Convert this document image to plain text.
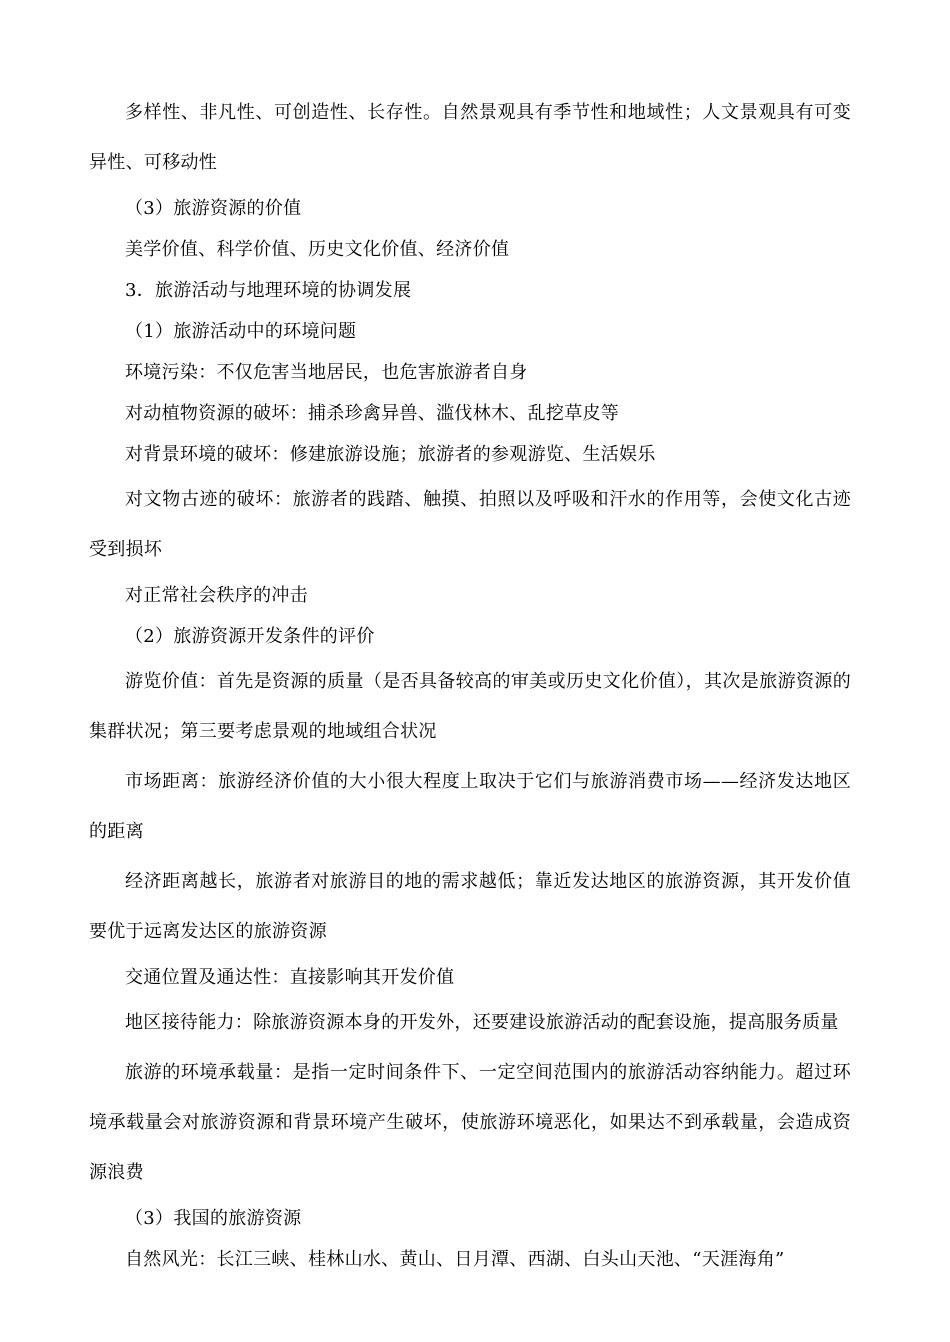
多样性、非凡性、可创造性、长存性。自然景观具有季节性和地域性；人文景观具有可变异性、可移动性

（3）旅游资源的价值

美学价值、科学价值、历史文化价值、经济价值

3．旅游活动与地理环境的协调发展

（1）旅游活动中的环境问题

环境污染：不仅危害当地居民，也危害旅游者自身

对动植物资源的破坏：捕杀珍禽异兽、滥伐林木、乱挖草皮等

对背景环境的破坏：修建旅游设施；旅游者的参观游览、生活娱乐

对文物古迹的破坏：旅游者的践踏、触摸、拍照以及呼吸和汗水的作用等，会使文化古迹受到损坏

对正常社会秩序的冲击

（2）旅游资源开发条件的评价

游览价值：首先是资源的质量（是否具备较高的审美或历史文化价值），其次是旅游资源的集群状况；第三要考虑景观的地域组合状况

市场距离：旅游经济价值的大小很大程度上取决于它们与旅游消费市场——经济发达地区的距离

经济距离越长，旅游者对旅游目的地的需求越低；靠近发达地区的旅游资源，其开发价值要优于远离发达区的旅游资源

交通位置及通达性：直接影响其开发价值

地区接待能力：除旅游资源本身的开发外，还要建设旅游活动的配套设施，提高服务质量

旅游的环境承载量：是指一定时间条件下、一定空间范围内的旅游活动容纳能力。超过环境承载量会对旅游资源和背景环境产生破坏，使旅游环境恶化，如果达不到承载量，会造成资源浪费

（3）我国的旅游资源

自然风光：长江三峡、桂林山水、黄山、日月潭、西湖、白头山天池、“天涯海角”
